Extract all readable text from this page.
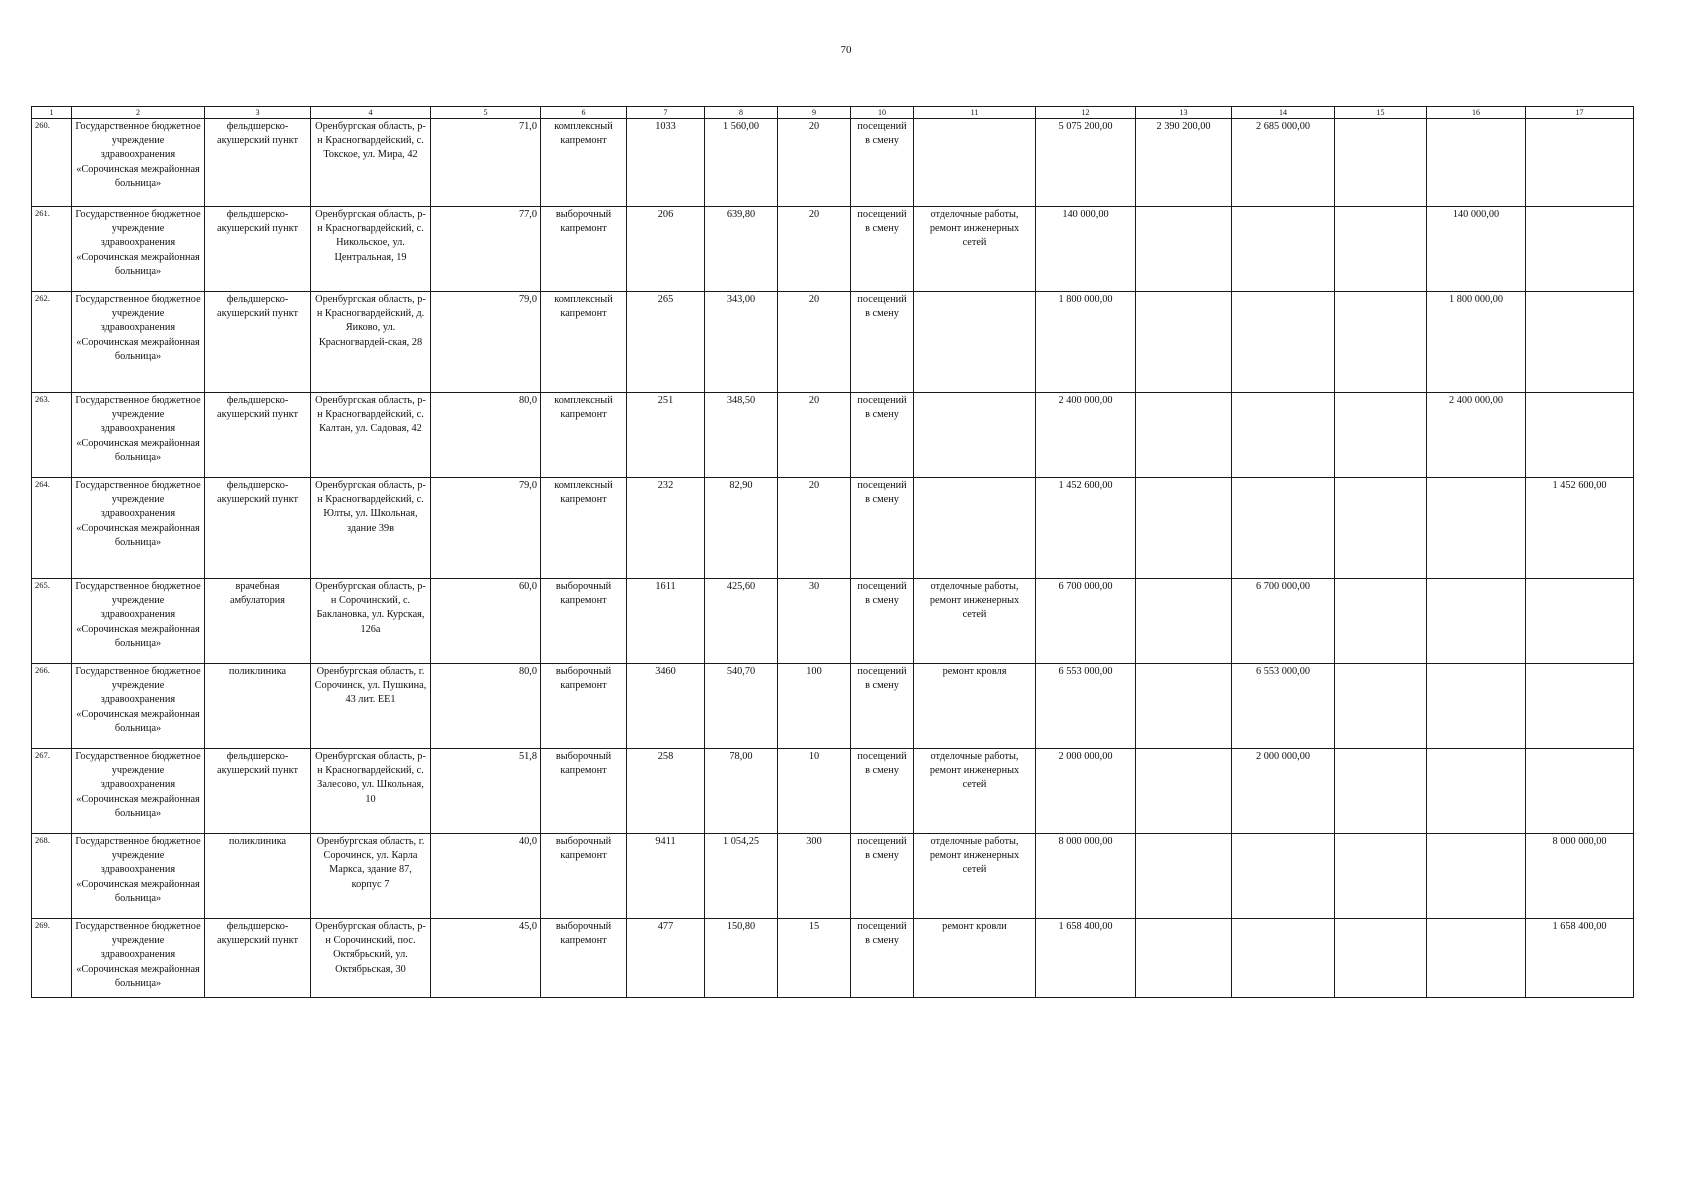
70
1	2	3	4	5	6	7	8	9	10	11	12	13	14	15	16	17
260.	Государственное бюджетное учреждение здравоохранения «Сорочинская межрайонная больница»	фельдшерско-акушерский пункт	Оренбургская область, р-н Красногвардейский, с. Токское, ул. Мира, 42	71,0	комплексный капремонт	1033	1 560,00	20	посещений в смену		5 075 200,00	2 390 200,00	2 685 000,00			
261.	Государственное бюджетное учреждение здравоохранения «Сорочинская межрайонная больница»	фельдшерско-акушерский пункт	Оренбургская область, р-н Красногвардейский, с. Никольское, ул. Центральная, 19	77,0	выборочный капремонт	206	639,80	20	посещений в смену	отделочные работы, ремонт инженерных сетей	140 000,00				140 000,00	
262.	Государственное бюджетное учреждение здравоохранения «Сорочинская межрайонная больница»	фельдшерско-акушерский пункт	Оренбургская область, р-н Красногвардейский, д. Яиково, ул. Красногвардей-ская, 28	79,0	комплексный капремонт	265	343,00	20	посещений в смену		1 800 000,00				1 800 000,00	
263.	Государственное бюджетное учреждение здравоохранения «Сорочинская межрайонная больница»	фельдшерско-акушерский пункт	Оренбургская область, р-н Красногвардейский, с. Калтан, ул. Садовая, 42	80,0	комплексный капремонт	251	348,50	20	посещений в смену		2 400 000,00				2 400 000,00	
264.	Государственное бюджетное учреждение здравоохранения «Сорочинская межрайонная больница»	фельдшерско-акушерский пункт	Оренбургская область, р-н Красногвардейский, с. Юлты, ул. Школьная, здание 39в	79,0	комплексный капремонт	232	82,90	20	посещений в смену		1 452 600,00					1 452 600,00
265.	Государственное бюджетное учреждение здравоохранения «Сорочинская межрайонная больница»	врачебная амбулатория	Оренбургская область, р-н Сорочинский, с. Баклановка, ул. Курская, 126а	60,0	выборочный капремонт	1611	425,60	30	посещений в смену	отделочные работы, ремонт инженерных сетей	6 700 000,00		6 700 000,00			
266.	Государственное бюджетное учреждение здравоохранения «Сорочинская межрайонная больница»	поликлиника	Оренбургская область, г. Сорочинск, ул. Пушкина, 43 лит. ЕЕ1	80,0	выборочный капремонт	3460	540,70	100	посещений в смену	ремонт кровля	6 553 000,00		6 553 000,00			
267.	Государственное бюджетное учреждение здравоохранения «Сорочинская межрайонная больница»	фельдшерско-акушерский пункт	Оренбургская область, р-н Красногвардейский, с. Залесово, ул. Школьная, 10	51,8	выборочный капремонт	258	78,00	10	посещений в смену	отделочные работы, ремонт инженерных сетей	2 000 000,00		2 000 000,00			
268.	Государственное бюджетное учреждение здравоохранения «Сорочинская межрайонная больница»	поликлиника	Оренбургская область, г. Сорочинск, ул. Карла Маркса, здание 87, корпус 7	40,0	выборочный капремонт	9411	1 054,25	300	посещений в смену	отделочные работы, ремонт инженерных сетей	8 000 000,00					8 000 000,00
269.	Государственное бюджетное учреждение здравоохранения «Сорочинская межрайонная больница»	фельдшерско-акушерский пункт	Оренбургская область, р-н Сорочинский, пос. Октябрьский, ул. Октябрьская, 30	45,0	выборочный капремонт	477	150,80	15	посещений в смену	ремонт кровли	1 658 400,00					1 658 400,00
